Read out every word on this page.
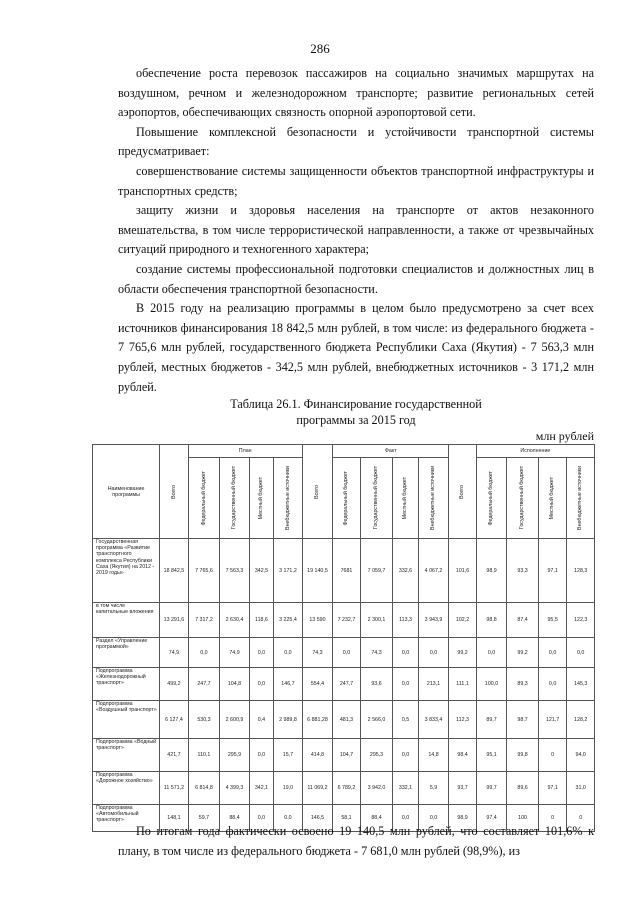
286

обеспечение роста перевозок пассажиров на социально значимых маршрутах на воздушном, речном и железнодорожном транспорте; развитие региональных сетей аэропортов, обеспечивающих связность опорной аэропортовой сети.

Повышение комплексной безопасности и устойчивости транспортной системы предусматривает:

совершенствование системы защищенности объектов транспортной инфраструктуры и транспортных средств;

защиту жизни и здоровья населения на транспорте от актов незаконного вмешательства, в том числе террористической направленности, а также от чрезвычайных ситуаций природного и техногенного характера;

создание системы профессиональной подготовки специалистов и должностных лиц в области обеспечения транспортной безопасности.

В 2015 году на реализацию программы в целом было предусмотрено за счет всех источников финансирования 18 842,5 млн рублей, в том числе: из федерального бюджета - 7 765,6 млн рублей, государственного бюджета Республики Саха (Якутия) - 7 563,3 млн рублей, местных бюджетов - 342,5 млн рублей, внебюджетных источников - 3 171,2 млн рублей.

Таблица 26.1. Финансирование государственной
программы за 2015 год
млн рублей
Наименование программы	Всего	План				Всего	Факт				Всего	Исполнение			

		Федеральный бюджет	Государственный бюджет	Местный бюджет	Внебюджетные источники		Федеральный бюджет	Государственный бюджет	Местный бюджет	Внебюджетные источники		Федеральный бюджет	Государственный бюджет	Местный бюджет	Внебюджетные источники

Государственная программа «Развитие транспортного комплекса Республики Саха (Якутия) на 2012 - 2019 годы»	18 842,5	7 765,6	7 563,3	342,5	3 171,2	19 140,5	7681	7 059,7	332,6	4 067,2	101,6	98,9	93,3	97,1	128,3
в том числе капитальные вложения	13 291,6	7 317,2	2 630,4	118,6	3 225,4	13 590	7 232,7	2 300,1	113,3	3 943,9	102,2	98,8	87,4	95,5	122,3
Раздел «Управление программой»	74,9	0,0	74,9	0,0	0,0	74,3	0,0	74,3	0,0	0,0	99,2	0,0	99,2	0,0	0,0
Подпрограмма «Железнодорожный транспорт»	499,2	247,7	104,8	0,0	146,7	554,4	247,7	93,6	0,0	213,1	111,1	100,0	89,3	0,0	145,3
Подпрограмма «Воздушный транспорт»	6 127,4	530,3	2 600,9	0,4	2 989,8	6 881,28	481,3	2 566,0	0,5	3 833,4	112,3	89,7	98,7	121,7	128,2
Подпрограмма «Водный транспорт»	421,7	110,1	295,9	0,0	15,7	414,8	104,7	295,3	0,0	14,8	98,4	95,1	99,8	0	94,0
Подпрограмма «Дорожное хозяйство»	11 571,2	6 814,8	4 399,3	342,1	19,0	11 069,2	6 789,2	3 942,0	332,1	5,9	93,7	99,7	89,6	97,1	31,0
Подпрограмма «Автомобильный транспорт»	148,1	59,7	88,4	0,0	0,0	146,5	58,1	88,4	0,0	0,0	98,9	97,4	100	0	0

По итогам года фактически освоено 19 140,5 млн рублей, что составляет 101,6% к плану, в том числе из федерального бюджета - 7 681,0 млн рублей (98,9%), из
